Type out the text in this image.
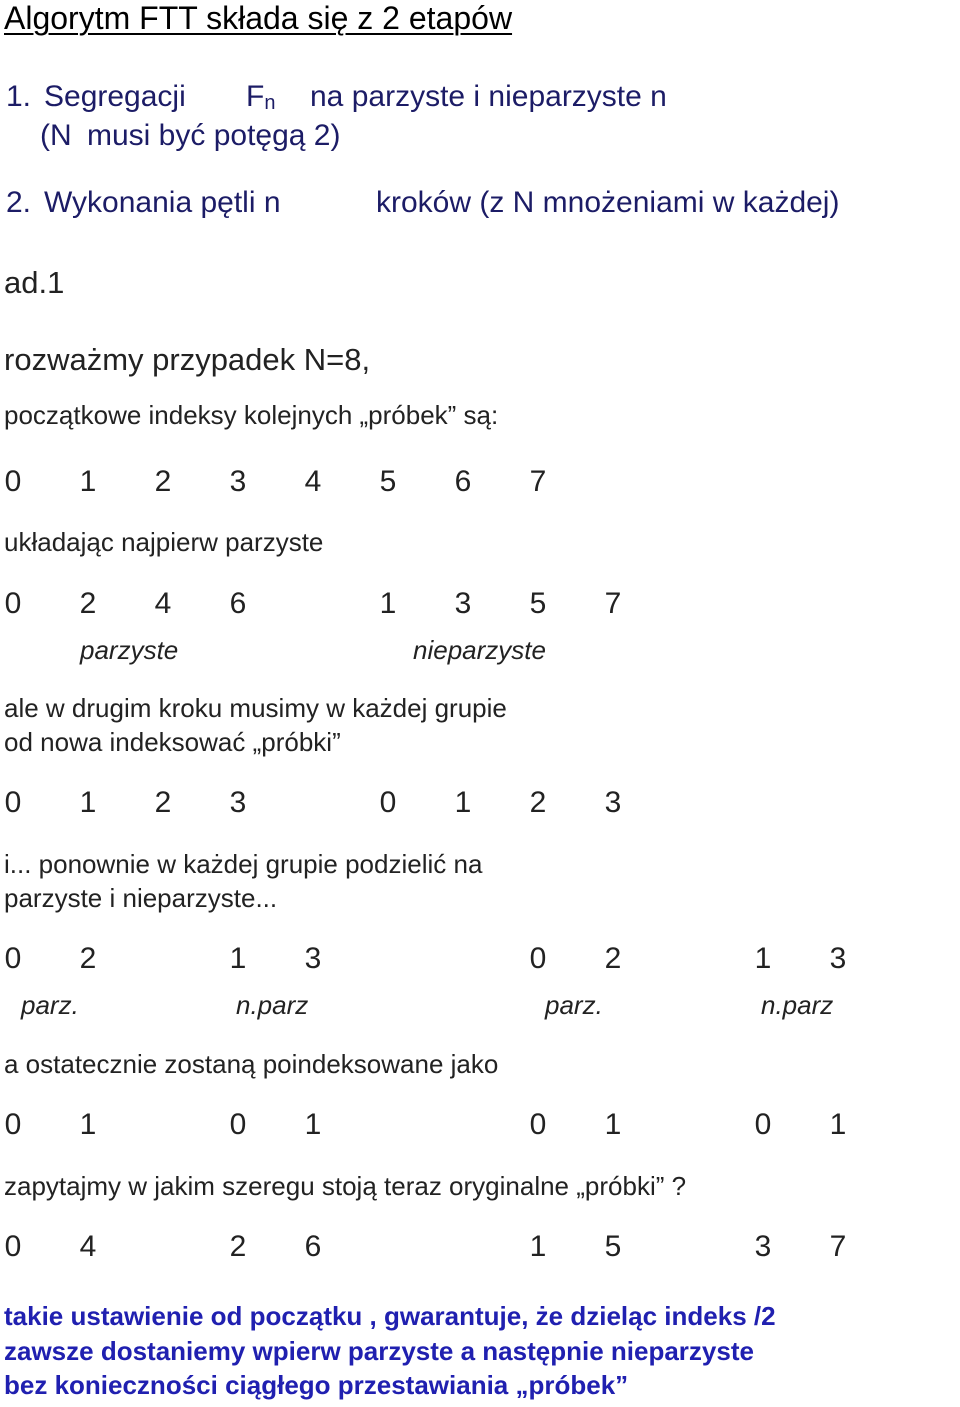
Algorytm FTT składa się z 2 etapów
1. Segregacji $F_n$ na parzyste i nieparzyste n
(N musi być potęgą 2)
2. Wykonania pętli n	kroków (z N mnożeniami w każdej)
ad.1
rozważmy przypadek N=8,
początkowe indeksy kolejnych „próbek” są:
0	1	2	3	4	5	6	7
układając najpierw parzyste
0	2	4	6	1	3	5	7
parzyste	nieparzyste
ale w drugim kroku musimy w każdej grupie
od nowa indeksować „próbki”
0	1	2	3	0	1	2	3
i... ponownie w każdej grupie podzielić na
parzyste i nieparzyste...
0	2	1	3	0	2	1	3
parz.	n.parz	parz.	n.parz
a ostatecznie zostaną poindeksowane jako
0	1	0	1	0	1	0	1
zapytajmy w jakim szeregu stoją teraz oryginalne „próbki” ?
0	4	2	6	1	5	3	7
takie ustawienie od początku , gwarantuje, że dzieląc indeks /2
zawsze dostaniemy wpierw parzyste a następnie nieparzyste
bez konieczności ciągłego przestawiania „próbek”
